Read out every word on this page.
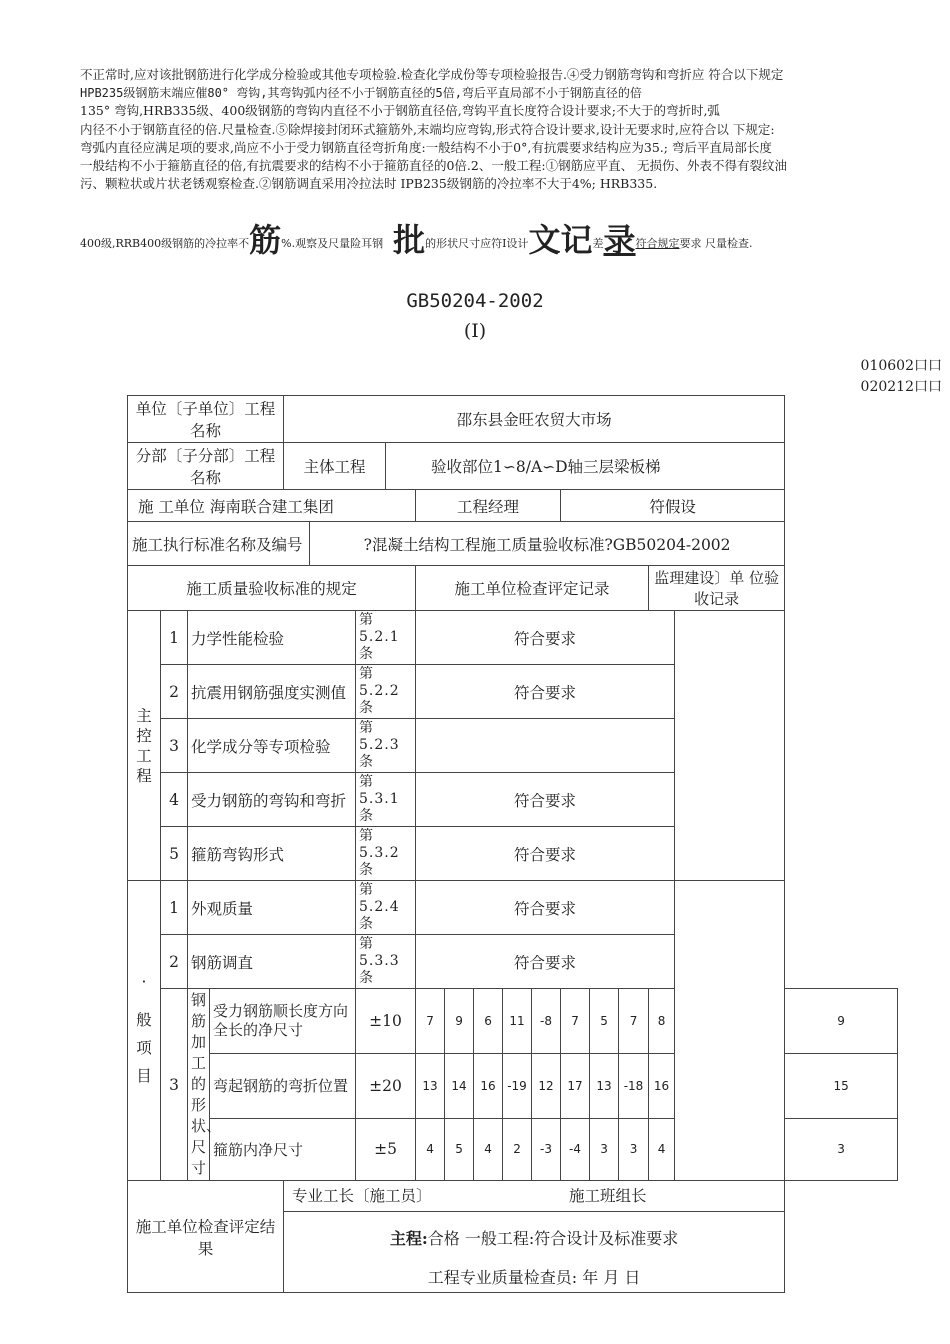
不正常时,应对该批钢筋进行化学成分检验或其他专项检验.检查化学成份等专项检验报告.④受力钢筋弯钩和弯折应 符合以下规定
HPB235级钢筋末端应催80° 弯钩,其弯钩弧内径不小于钢筋直径的5倍,弯后平直局部不小于钢筋直径的倍
135° 弯钩,HRB335级、400级钢筋的弯钩内直径不小于钢筋直径倍,弯钩平直长度符合设计要求;不大于的弯折时,弧
内径不小于钢筋直径的倍.尺量检查.⑤除焊接封闭环式箍筋外,末端均应弯钩,形式符合设计要求,设计无要求时,应符合以 下规定:
弯弧内直径应满足项的要求,尚应不小于受力钢筋直径弯折角度:一般结构不小于0°,有抗震要求结构应为35.; 弯后平直局部长度
一般结构不小于箍筋直径的倍,有抗震要求的结构不小于箍筋直径的0倍.2、一般工程:①钢筋应平直、 无损伤、外表不得有裂纹油
污、颗粒状或片状老锈观察检查.②钢筋调直采用冷拉法时 IPB235级钢筋的冷拉率不大于4%; HRB335.
400级,RRB400级钢筋的冷拉率不筋%.观察及尺量险耳钢 批的形状尺寸应符I设计文记差录符合规定要求 尺量检查.
GB50204-2002
(I)
010602口口
020212口口
单位〔子单位〕工程名称				邵东县金旺农贸大市场														
分部〔子分部〕工程名称				主体工程			验收部位1∽8/A∽D轴三层梁板梯											
施 工单位 海南联合建工集团								工程经理					符假设					
施工执行标准名称及编号					?混凝土结构工程施工质量验收标准?GB50204-2002													
施工质量验收标准的规定								施工单位检查评定记录								监理建设〕单 位验收记录		
主控工程	1	力学性能检验				第 5.2.1条		符合要求										
	2	抗震用钢筋强度实测值				第 5.2.2条		符合要求										
	3	化学成分等专项检验				第 5.2.3条												
	4	受力钢筋的弯钩和弯折				第 5.3.1条		符合要求										
	5	箍筋弯钩形式				第 5.3.2条		符合要求										

·
般项目	1	外观质量				第 5.2.4条		符合要求										
	2	钢筋调直				第 5.3.3条		符合要求										
	3	钢筋加工的形状、尺寸	受力钢筋顺长度方向全长的净尺寸			±10		7	9	6	11	-8	7	5	7	8		9
			弯起钢筋的弯折位置			±20		13	14	16	-19	12	17	13	-18	16		15
			箍筋内净尺寸			±5		4	5	4	2	-3	-4	3	3	4		3
施工单位检查评定结果				专业工长〔施工员〕 施工班组长
主程:合格 一般工程:符合设计及标准要求
工程专业质量检查员: 年 月 日														
